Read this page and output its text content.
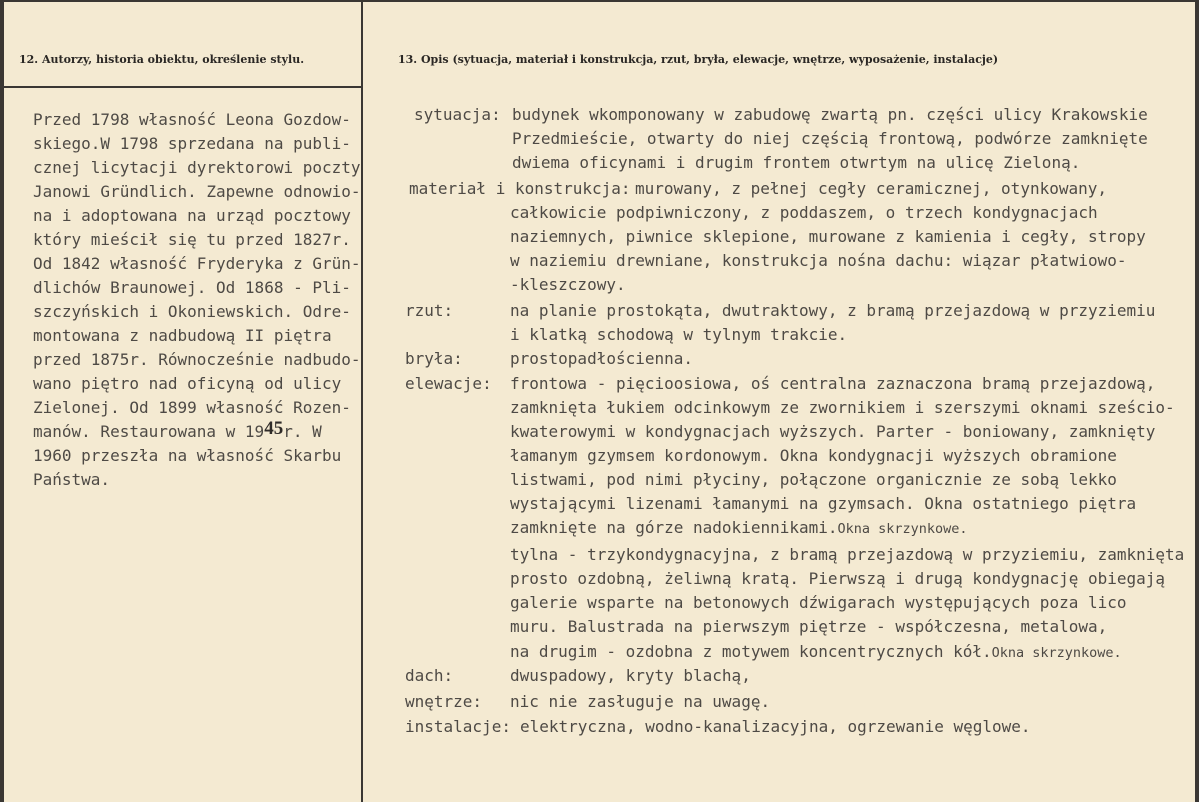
12. Autorzy, historia obiektu, określenie stylu.
Przed 1798 własność Leona Gozdow-
skiego.W 1798 sprzedana na publi-
cznej licytacji dyrektorowi poczty
Janowi Gründlich. Zapewne odnowio-
na i adoptowana na urząd pocztowy
który mieścił się tu przed 1827r.
Od 1842 własność Fryderyka z Grün-
dlichów Braunowej. Od 1868 - Pli-
szczyńskich i Okoniewskich. Odre-
montowana z nadbudową II piętra
przed 1875r. Równocześnie nadbudo-
wano piętro nad oficyną od ulicy
Zielonej. Od 1899 własność Rozen-
manów. Restaurowana w 1945r. W
1960 przeszła na własność Skarbu
Państwa.
13. Opis (sytuacja, materiał i konstrukcja, rzut, bryła, elewacje, wnętrze, wyposażenie, instalacje)
sytuacja: budynek wkomponowany w zabudowę zwartą pn. części ulicy Krakowskie
Przedmieście, otwarty do niej częścią frontową, podwórze zamknięte
dwiema oficynami i drugim frontem otwrtym na ulicę Zieloną.
materiał i konstrukcja: murowany, z pełnej cegły ceramicznej, otynkowany,
całkowicie podpiwniczony, z poddaszem, o trzech kondygnacjach
naziemnych, piwnice sklepione, murowane z kamienia i cegły, stropy
w naziemiu drewniane, konstrukcja nośna dachu: wiązar płatwiowo-
-kleszczowy.
rzut:	na planie prostokąta, dwutraktowy, z bramą przejazdową w przyziemiu
i klatką schodową w tylnym trakcie.
bryła:	prostopadłościenna.
elewacje: frontowa - pięcioosiowa, oś centralna zaznaczona bramą przejazdową,
zamknięta łukiem odcinkowym ze zwornikiem i szerszymi oknami sześcio-
kwaterowymi w kondygnacjach wyższych. Parter - boniowany, zamknięty
łamanym gzymsem kordonowym. Okna kondygnacji wyższych obramione
listwami, pod nimi płyciny, połączone organicznie ze sobą lekko
wystającymi lizenami łamanymi na gzymsach. Okna ostatniego piętra
zamknięte na górze nadokiennikami.Okna skrzynkowe.
tylna - trzykondygnacyjna, z bramą przejazdową w przyziemiu, zamknięta
prosto ozdobną, żeliwną kratą. Pierwszą i drugą kondygnację obiegają
galerie wsparte na betonowych dźwigarach występujących poza lico
muru. Balustrada na pierwszym piętrze - współczesna, metalowa,
na drugim - ozdobna z motywem koncentrycznych kół.Okna skrzynkowe.
dach:	dwuspadowy, kryty blachą,
wnętrze: nic nie zasługuje na uwagę.
instalacje: elektryczna, wodno-kanalizacyjna, ogrzewanie węglowe.
